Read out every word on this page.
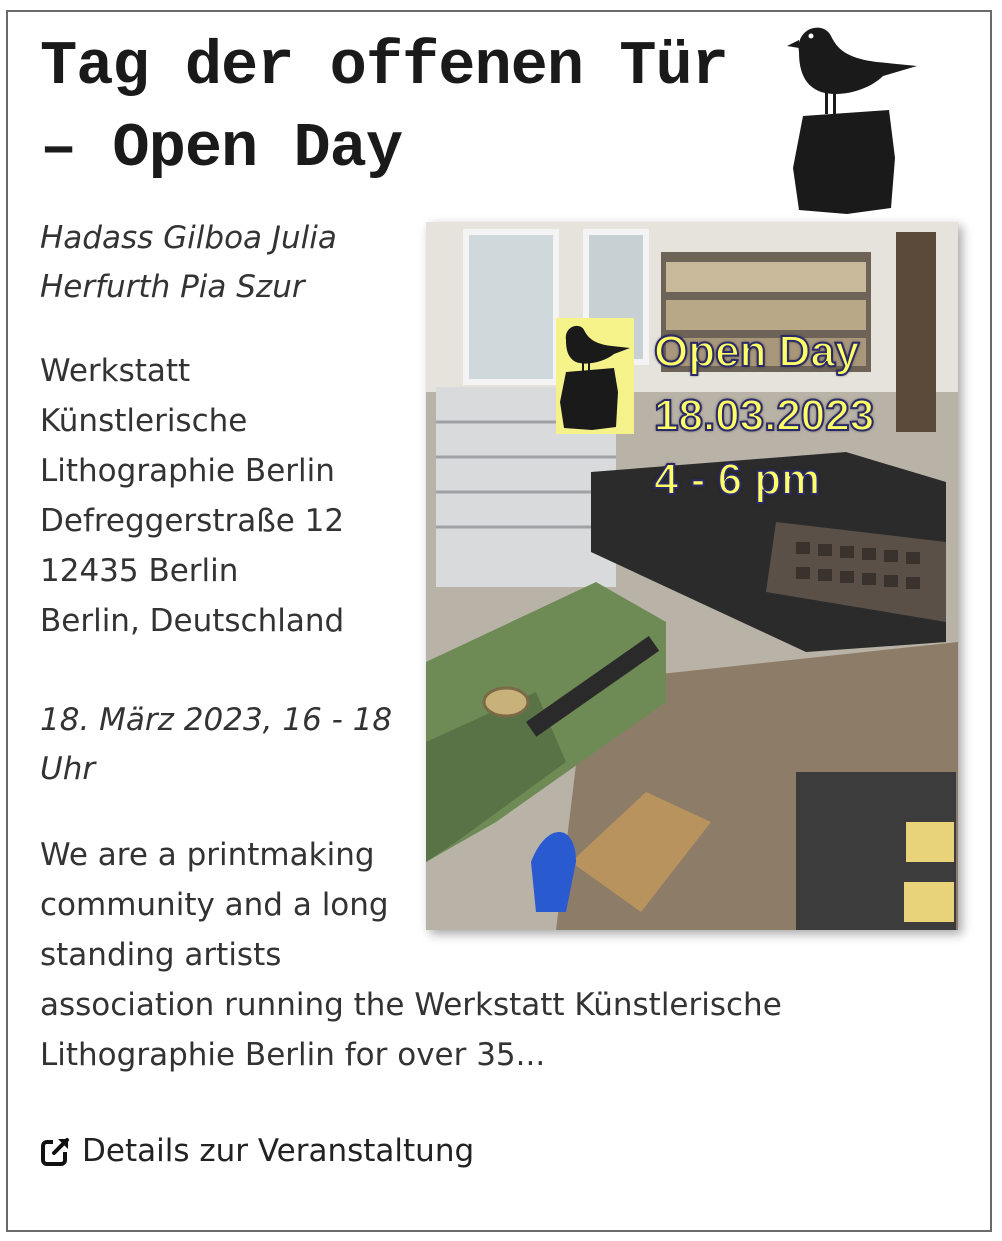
Tag der offenen Tür – Open Day
Hadass Gilboa Julia
Herfurth Pia Szur
Werkstatt
Künstlerische
Lithographie Berlin
Defreggerstraße 12
12435 Berlin
Berlin, Deutschland
18. März 2023, 16 - 18
Uhr
We are a printmaking
community and a long
standing artists
association running the Werkstatt Künstlerische
Lithographie Berlin for over 35...
Details zur Veranstaltung
Open Day
18.03.2023
4 - 6 pm
